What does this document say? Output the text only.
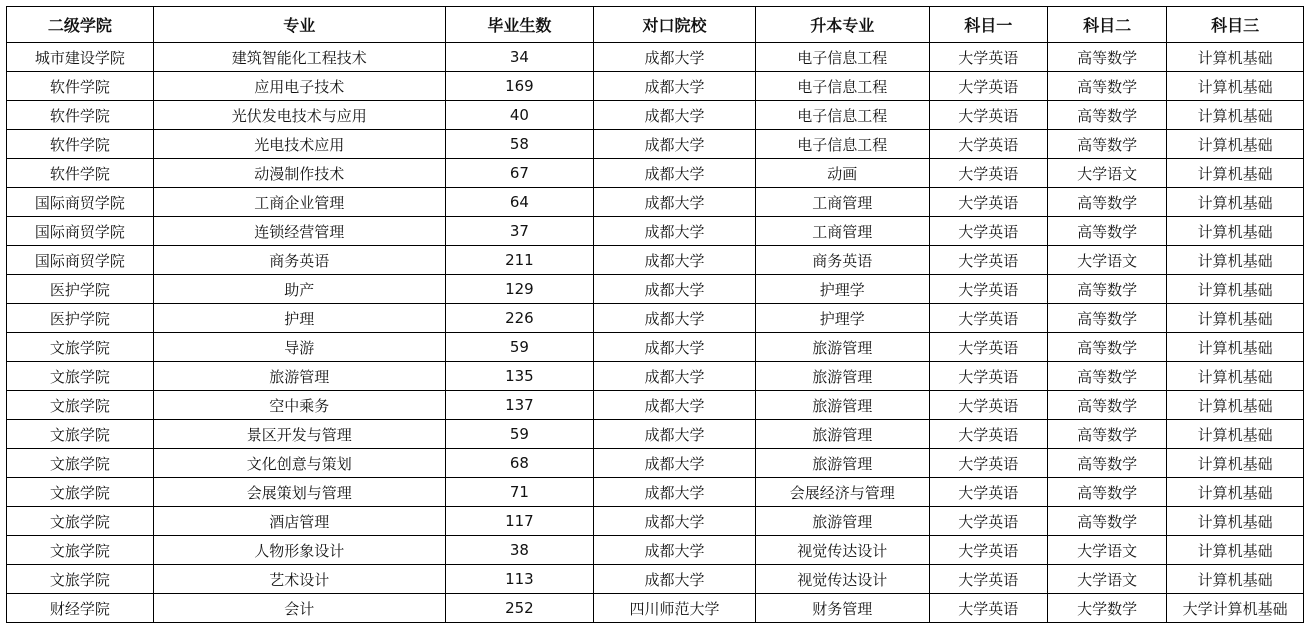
二级学院	专业	毕业生数	对口院校	升本专业	科目一	科目二	科目三
城市建设学院	建筑智能化工程技术	34	成都大学	电子信息工程	大学英语	高等数学	计算机基础
软件学院	应用电子技术	169	成都大学	电子信息工程	大学英语	高等数学	计算机基础
软件学院	光伏发电技术与应用	40	成都大学	电子信息工程	大学英语	高等数学	计算机基础
软件学院	光电技术应用	58	成都大学	电子信息工程	大学英语	高等数学	计算机基础
软件学院	动漫制作技术	67	成都大学	动画	大学英语	大学语文	计算机基础
国际商贸学院	工商企业管理	64	成都大学	工商管理	大学英语	高等数学	计算机基础
国际商贸学院	连锁经营管理	37	成都大学	工商管理	大学英语	高等数学	计算机基础
国际商贸学院	商务英语	211	成都大学	商务英语	大学英语	大学语文	计算机基础
医护学院	助产	129	成都大学	护理学	大学英语	高等数学	计算机基础
医护学院	护理	226	成都大学	护理学	大学英语	高等数学	计算机基础
文旅学院	导游	59	成都大学	旅游管理	大学英语	高等数学	计算机基础
文旅学院	旅游管理	135	成都大学	旅游管理	大学英语	高等数学	计算机基础
文旅学院	空中乘务	137	成都大学	旅游管理	大学英语	高等数学	计算机基础
文旅学院	景区开发与管理	59	成都大学	旅游管理	大学英语	高等数学	计算机基础
文旅学院	文化创意与策划	68	成都大学	旅游管理	大学英语	高等数学	计算机基础
文旅学院	会展策划与管理	71	成都大学	会展经济与管理	大学英语	高等数学	计算机基础
文旅学院	酒店管理	117	成都大学	旅游管理	大学英语	高等数学	计算机基础
文旅学院	人物形象设计	38	成都大学	视觉传达设计	大学英语	大学语文	计算机基础
文旅学院	艺术设计	113	成都大学	视觉传达设计	大学英语	大学语文	计算机基础
财经学院	会计	252	四川师范大学	财务管理	大学英语	大学数学	大学计算机基础
